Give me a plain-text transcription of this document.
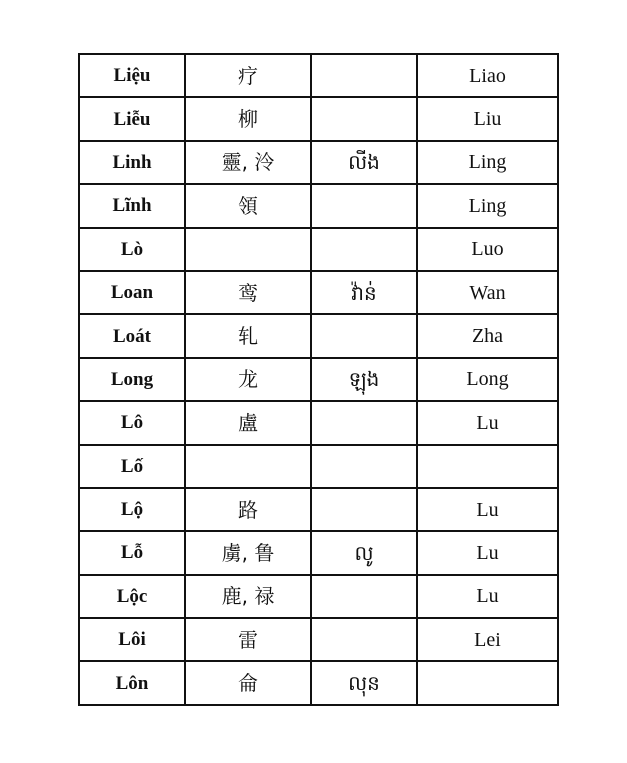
Liệu	疗		Liao
Liễu	柳		Liu
Linh	靈, 泠	លីង	Ling
Lĩnh	領		Ling
Lò			Luo
Loan	鸾	វ៉ាន់	Wan
Loát	轧		Zha
Long	龙	ឡុង	Long
Lô	盧		Lu
Lố			
Lộ	路		Lu
Lỗ	虜, 鲁	លូ	Lu
Lộc	鹿, 禄		Lu
Lôi	雷		Lei
Lôn	侖	លុន	
